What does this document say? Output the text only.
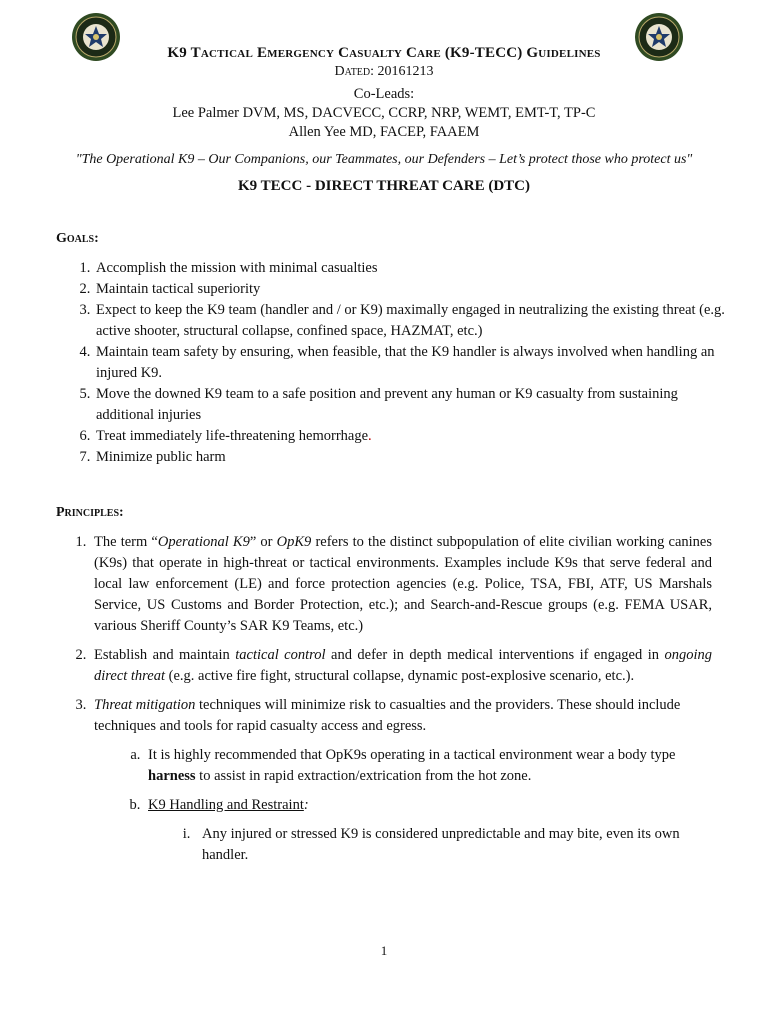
K9 Tactical Emergency Casualty Care (K9-TECC) Guidelines
Dated: 20161213
Co-Leads:
Lee Palmer DVM, MS, DACVECC, CCRP, NRP, WEMT, EMT-T, TP-C
Allen Yee MD, FACEP, FAAEM
"The Operational K9 – Our Companions, our Teammates, our Defenders – Let’s protect those who protect us"
K9 TECC - DIRECT THREAT CARE (DTC)
Goals:
1. Accomplish the mission with minimal casualties
2. Maintain tactical superiority
3. Expect to keep the K9 team (handler and / or K9) maximally engaged in neutralizing the existing threat (e.g. active shooter, structural collapse, confined space, HAZMAT, etc.)
4. Maintain team safety by ensuring, when feasible, that the K9 handler is always involved when handling an injured K9.
5. Move the downed K9 team to a safe position and prevent any human or K9 casualty from sustaining additional injuries
6. Treat immediately life-threatening hemorrhage.
7. Minimize public harm
Principles:
1. The term “Operational K9” or OpK9 refers to the distinct subpopulation of elite civilian working canines (K9s) that operate in high-threat or tactical environments. Examples include K9s that serve federal and local law enforcement (LE) and force protection agencies (e.g. Police, TSA, FBI, ATF, US Marshals Service, US Customs and Border Protection, etc.); and Search-and-Rescue groups (e.g. FEMA USAR, various Sheriff County’s SAR K9 Teams, etc.)
2. Establish and maintain tactical control and defer in depth medical interventions if engaged in ongoing direct threat (e.g. active fire fight, structural collapse, dynamic post-explosive scenario, etc.).
3. Threat mitigation techniques will minimize risk to casualties and the providers. These should include techniques and tools for rapid casualty access and egress.
a. It is highly recommended that OpK9s operating in a tactical environment wear a body type harness to assist in rapid extraction/extrication from the hot zone.
b. K9 Handling and Restraint:
i. Any injured or stressed K9 is considered unpredictable and may bite, even its own handler.
1
